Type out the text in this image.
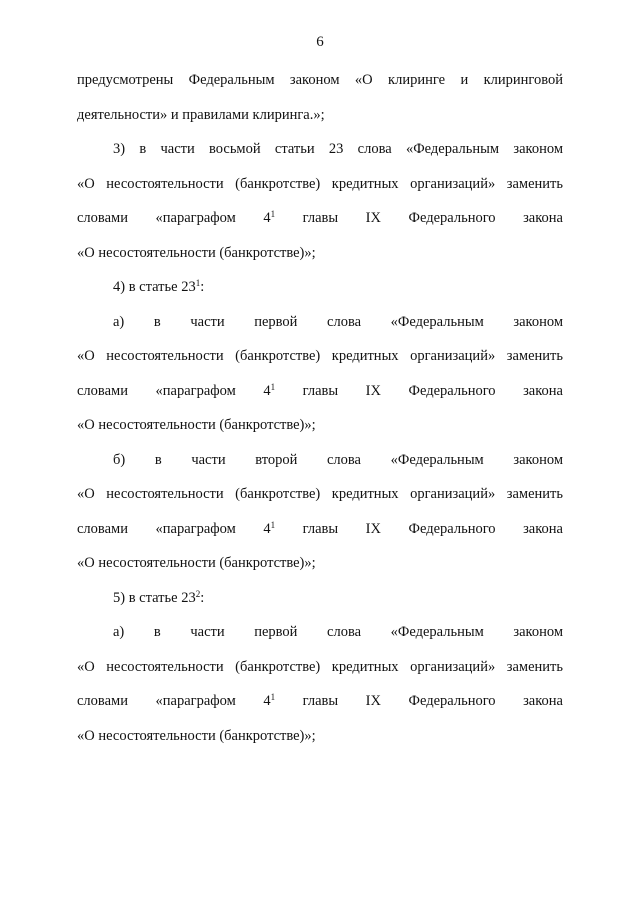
6
предусмотрены Федеральным законом «О клиринге и клиринговой
деятельности» и правилами клиринга.»;
3) в части восьмой статьи 23 слова «Федеральным законом
«О несостоятельности (банкротстве) кредитных организаций» заменить
словами «параграфом $4^1$ главы IX Федерального закона
«О несостоятельности (банкротстве)»;
4) в статье $23^1$:
а) в части первой слова «Федеральным законом
«О несостоятельности (банкротстве) кредитных организаций» заменить
словами «параграфом $4^1$ главы IX Федерального закона
«О несостоятельности (банкротстве)»;
б) в части второй слова «Федеральным законом
«О несостоятельности (банкротстве) кредитных организаций» заменить
словами «параграфом $4^1$ главы IX Федерального закона
«О несостоятельности (банкротстве)»;
5) в статье $23^2$:
а) в части первой слова «Федеральным законом
«О несостоятельности (банкротстве) кредитных организаций» заменить
словами «параграфом $4^1$ главы IX Федерального закона
«О несостоятельности (банкротстве)»;
